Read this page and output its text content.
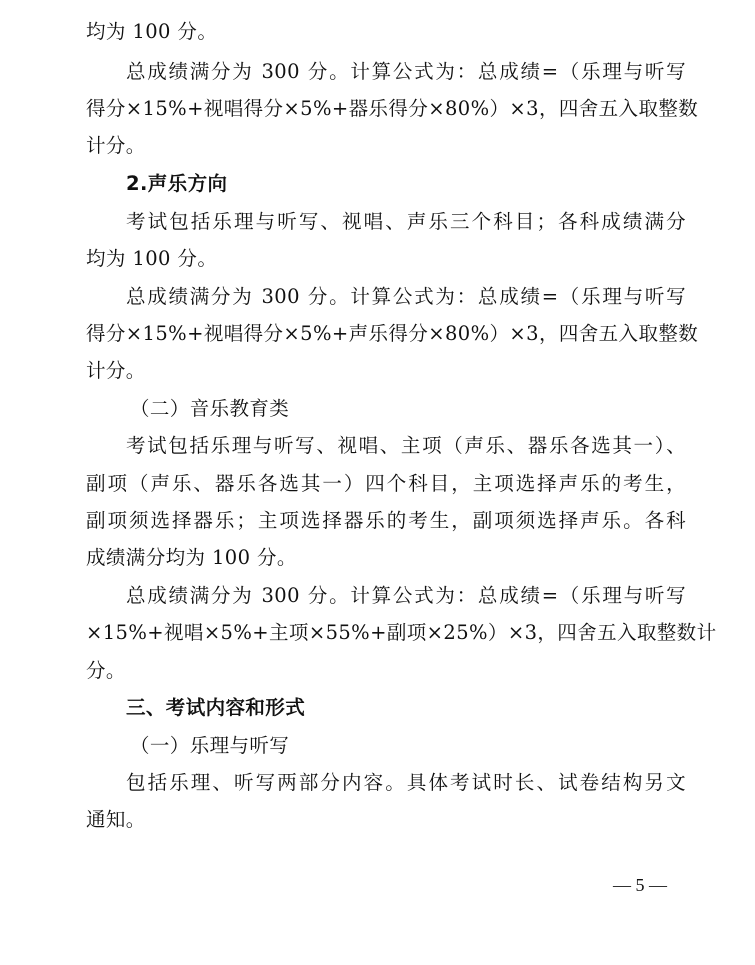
均为 100 分。
总成绩满分为 300 分。计算公式为：总成绩=（乐理与听写
得分×15%+视唱得分×5%+器乐得分×80%）×3，四舍五入取整数
计分。
2.声乐方向
考试包括乐理与听写、视唱、声乐三个科目；各科成绩满分
均为 100 分。
总成绩满分为 300 分。计算公式为：总成绩=（乐理与听写
得分×15%+视唱得分×5%+声乐得分×80%）×3，四舍五入取整数
计分。
（二）音乐教育类
考试包括乐理与听写、视唱、主项（声乐、器乐各选其一）、
副项（声乐、器乐各选其一）四个科目，主项选择声乐的考生，
副项须选择器乐；主项选择器乐的考生，副项须选择声乐。各科
成绩满分均为 100 分。
总成绩满分为 300 分。计算公式为：总成绩=（乐理与听写
×15%+视唱×5%+主项×55%+副项×25%）×3，四舍五入取整数计
分。
三、考试内容和形式
（一）乐理与听写
包括乐理、听写两部分内容。具体考试时长、试卷结构另文
通知。
— 5 —
